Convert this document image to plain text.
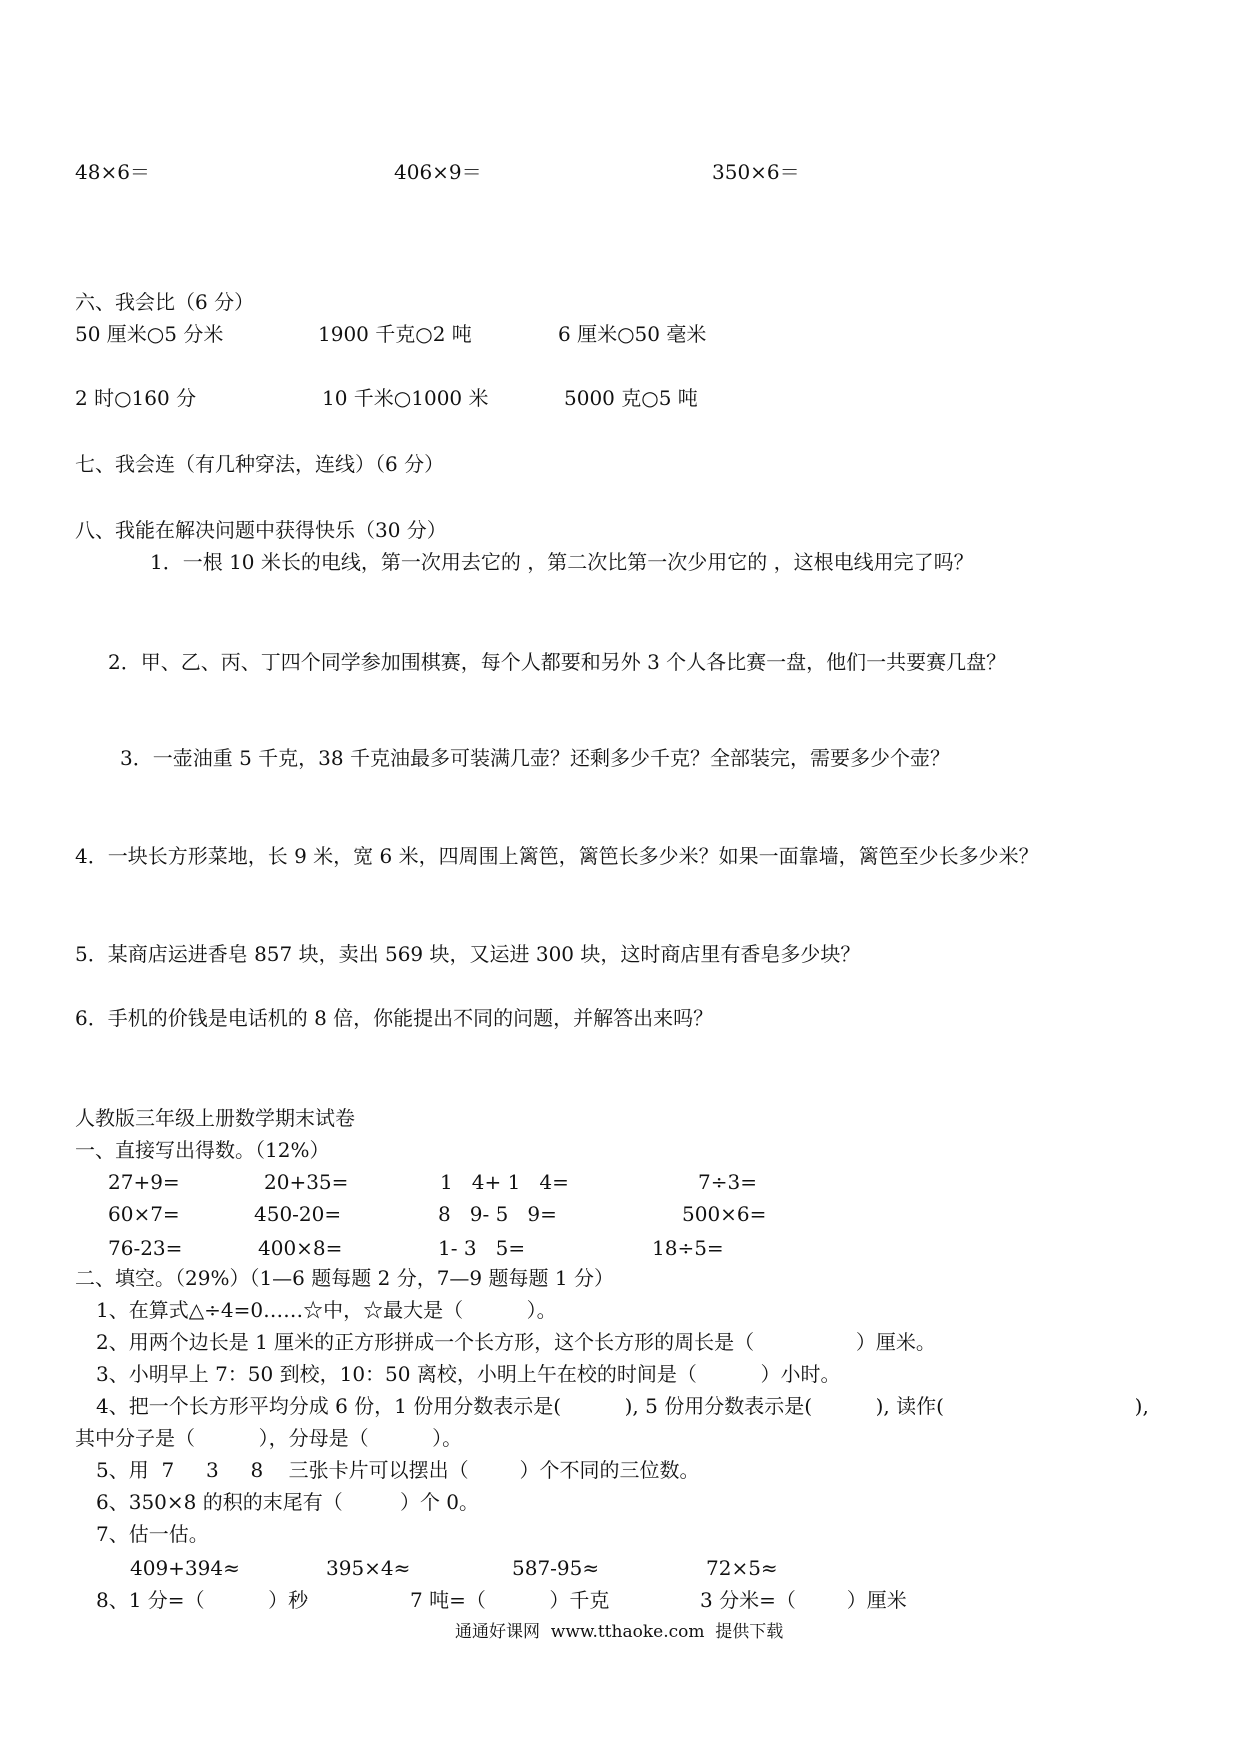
48×6＝	406×9＝	350×6＝
六、我会比（6 分）
50 厘米○5 分米	1900 千克○2 吨	6 厘米○50 毫米
2 时○160 分	10 千米○1000 米	5000 克○5 吨
七、我会连（有几种穿法，连线）（6 分）
八、我能在解决问题中获得快乐（30 分）
1．一根 10 米长的电线，第一次用去它的 ，第二次比第一次少用它的 ，这根电线用完了吗？
2．甲、乙、丙、丁四个同学参加围棋赛，每个人都要和另外 3 个人各比赛一盘，他们一共要赛几盘？
3．一壶油重 5 千克，38 千克油最多可装满几壶？还剩多少千克？全部装完，需要多少个壶？
4．一块长方形菜地，长 9 米，宽 6 米，四周围上篱笆，篱笆长多少米？如果一面靠墙，篱笆至少长多少米？
5．某商店运进香皂 857 块，卖出 569 块，又运进 300 块，这时商店里有香皂多少块？
6．手机的价钱是电话机的 8 倍，你能提出不同的问题，并解答出来吗？
人教版三年级上册数学期末试卷
一、直接写出得数。（12%）
27+9=	20+35=	1   4+ 1   4=	7÷3=
60×7=	450-20=	8   9- 5   9=	500×6=
76-23=	400×8=	1- 3   5=	18÷5=
二、填空。（29%）（1—6 题每题 2 分，7—9 题每题 1 分）
1、在算式△÷4=0……☆中，☆最大是（          ）。
2、用两个边长是 1 厘米的正方形拼成一个长方形，这个长方形的周长是（                ）厘米。
3、小明早上 7：50 到校，10：50 离校，小明上午在校的时间是（          ）小时。
4、把一个长方形平均分成 6 份，1 份用分数表示是(          ), 5 份用分数表示是(          ), 读作(                              ),
其中分子是（          ），分母是（          ）。
5、用  7     3     8    三张卡片可以摆出（        ）个不同的三位数。
6、350×8 的积的末尾有（         ）个 0。
7、估一估。
409+394≈	395×4≈	587-95≈	72×5≈
8、1 分=（          ）秒	7 吨=（          ）千克	3 分米=（        ）厘米
通通好课网  www.tthaoke.com  提供下载
